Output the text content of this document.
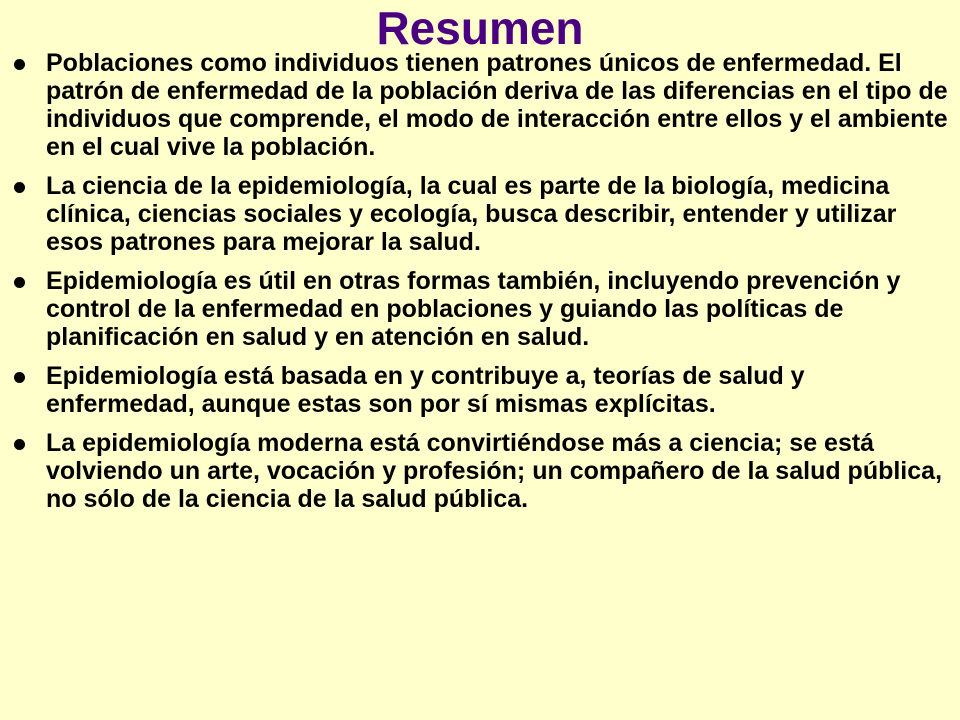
Resumen
Poblaciones como individuos tienen patrones únicos de enfermedad. El patrón de enfermedad de la población deriva de las diferencias en el tipo de individuos que comprende, el modo de interacción entre ellos y el ambiente en el cual vive la población.
La ciencia de la epidemiología, la cual es parte de la biología, medicina clínica, ciencias sociales y ecología, busca describir, entender y utilizar esos patrones para mejorar la salud.
Epidemiología es útil en otras formas también, incluyendo prevención y control de la enfermedad en poblaciones y guiando las políticas de planificación en salud y en atención en salud.
Epidemiología está basada en y contribuye a, teorías de salud y enfermedad, aunque estas son por sí mismas explícitas.
La epidemiología moderna está convirtiéndose más a ciencia; se está volviendo un arte, vocación y profesión; un compañero de la salud pública, no sólo de la ciencia de la salud pública.
